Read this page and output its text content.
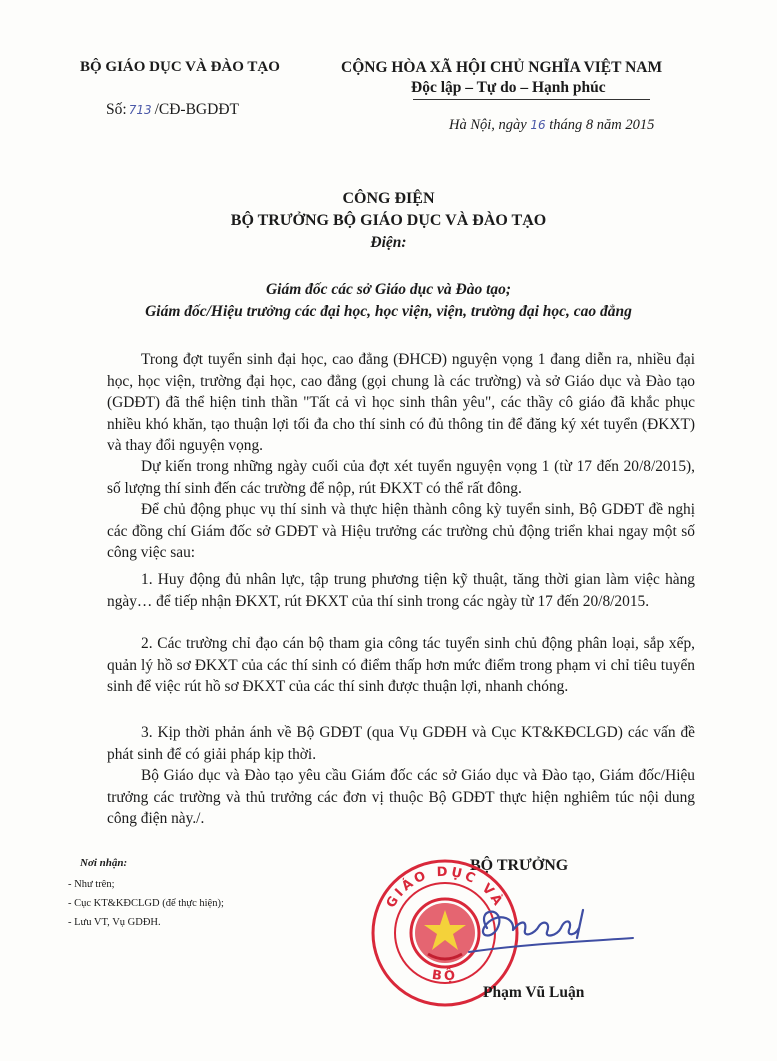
BỘ GIÁO DỤC VÀ ĐÀO TẠO
Số: 713 /CĐ-BGDĐT
CỘNG HÒA XÃ HỘI CHỦ NGHĨA VIỆT NAM
Độc lập – Tự do – Hạnh phúc
Hà Nội, ngày 16 tháng 8 năm 2015
CÔNG ĐIỆN
BỘ TRƯỞNG BỘ GIÁO DỤC VÀ ĐÀO TẠO
Điện:
Giám đốc các sở Giáo dục và Đào tạo;
Giám đốc/Hiệu trưởng các đại học, học viện, viện, trường đại học, cao đẳng

Trong đợt tuyển sinh đại học, cao đẳng (ĐHCĐ) nguyện vọng 1 đang diễn ra, nhiều đại học, học viện, trường đại học, cao đẳng (gọi chung là các trường) và sở Giáo dục và Đào tạo (GDĐT) đã thể hiện tinh thần "Tất cả vì học sinh thân yêu", các thầy cô giáo đã khắc phục nhiều khó khăn, tạo thuận lợi tối đa cho thí sinh có đủ thông tin để đăng ký xét tuyển (ĐKXT) và thay đổi nguyện vọng.

Dự kiến trong những ngày cuối của đợt xét tuyển nguyện vọng 1 (từ 17 đến 20/8/2015), số lượng thí sinh đến các trường để nộp, rút ĐKXT có thể rất đông.

Để chủ động phục vụ thí sinh và thực hiện thành công kỳ tuyển sinh, Bộ GDĐT đề nghị các đồng chí Giám đốc sở GDĐT và Hiệu trưởng các trường chủ động triển khai ngay một số công việc sau:

1. Huy động đủ nhân lực, tập trung phương tiện kỹ thuật, tăng thời gian làm việc hàng ngày… để tiếp nhận ĐKXT, rút ĐKXT của thí sinh trong các ngày từ 17 đến 20/8/2015.

2. Các trường chỉ đạo cán bộ tham gia công tác tuyển sinh chủ động phân loại, sắp xếp, quản lý hồ sơ ĐKXT của các thí sinh có điểm thấp hơn mức điểm trong phạm vi chỉ tiêu tuyển sinh để việc rút hồ sơ ĐKXT của các thí sinh được thuận lợi, nhanh chóng.

3. Kịp thời phản ánh về Bộ GDĐT (qua Vụ GDĐH và Cục KT&KĐCLGD) các vấn đề phát sinh để có giải pháp kịp thời.

Bộ Giáo dục và Đào tạo yêu cầu Giám đốc các sở Giáo dục và Đào tạo, Giám đốc/Hiệu trưởng các trường và thủ trưởng các đơn vị thuộc Bộ GDĐT thực hiện nghiêm túc nội dung công điện này./.

Nơi nhận:
- Như trên;
- Cục KT&KĐCLGD (để thực hiện);
- Lưu VT, Vụ GDĐH.
BỘ TRƯỞNG
GIÁO DỤC VÀ
BỘ
Phạm Vũ Luận
